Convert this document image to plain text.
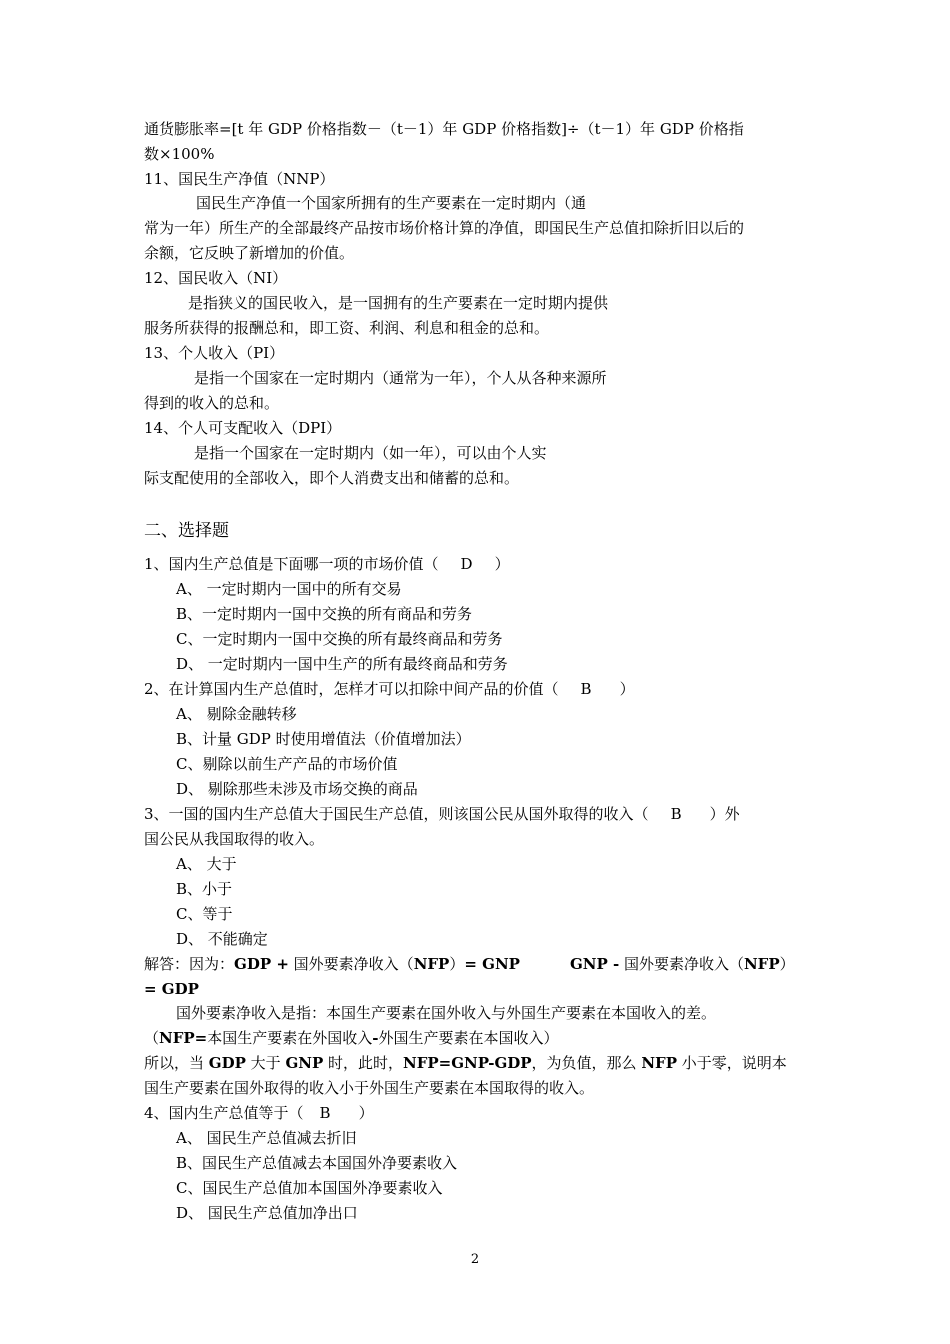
通货膨胀率=[t 年 GDP 价格指数－（t－1）年 GDP 价格指数]÷（t－1）年 GDP 价格指
数×100%
11、国民生产净值（NNP）
国民生产净值一个国家所拥有的生产要素在一定时期内（通
常为一年）所生产的全部最终产品按市场价格计算的净值，即国民生产总值扣除折旧以后的
余额，它反映了新增加的价值。
12、国民收入（NI）
是指狭义的国民收入，是一国拥有的生产要素在一定时期内提供
服务所获得的报酬总和，即工资、利润、利息和租金的总和。
13、个人收入（PI）
是指一个国家在一定时期内（通常为一年），个人从各种来源所
得到的收入的总和。
14、个人可支配收入（DPI）
是指一个国家在一定时期内（如一年），可以由个人实
际支配使用的全部收入，即个人消费支出和储蓄的总和。
二、选择题
1、国内生产总值是下面哪一项的市场价值（ D ）
A、 一定时期内一国中的所有交易
B、一定时期内一国中交换的所有商品和劳务
C、一定时期内一国中交换的所有最终商品和劳务
D、 一定时期内一国中生产的所有最终商品和劳务
2、在计算国内生产总值时，怎样才可以扣除中间产品的价值（ B ）
A、 剔除金融转移
B、计量 GDP 时使用增值法（价值增加法）
C、剔除以前生产产品的市场价值
D、 剔除那些未涉及市场交换的商品
3、一国的国内生产总值大于国民生产总值，则该国公民从国外取得的收入（ B ）外
国公民从我国取得的收入。
A、 大于
B、小于
C、等于
D、 不能确定
解答：因为：GDP + 国外要素净收入（NFP）= GNP	GNP - 国外要素净收入（NFP）
= GDP
国外要素净收入是指：本国生产要素在国外收入与外国生产要素在本国收入的差。
（NFP=本国生产要素在外国收入-外国生产要素在本国收入）
所以，当 GDP 大于 GNP 时，此时，NFP=GNP-GDP，为负值，那么 NFP 小于零，说明本
国生产要素在国外取得的收入小于外国生产要素在本国取得的收入。
4、国内生产总值等于（ B ）
A、 国民生产总值减去折旧
B、国民生产总值减去本国国外净要素收入
C、国民生产总值加本国国外净要素收入
D、 国民生产总值加净出口
2
